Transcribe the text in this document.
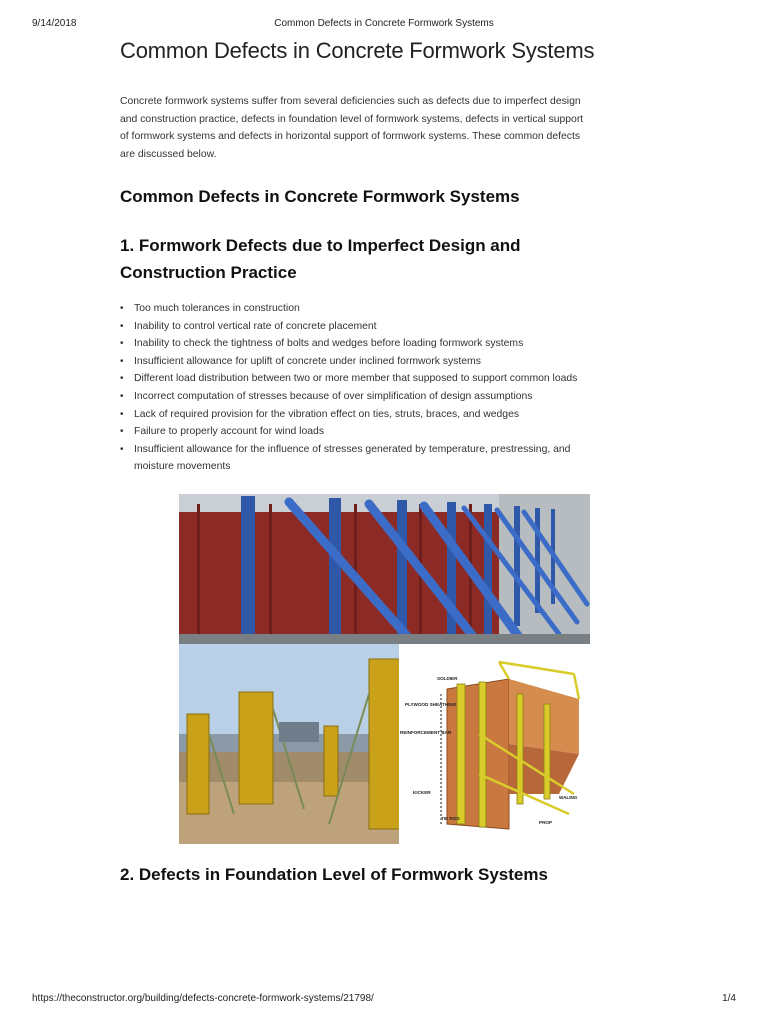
9/14/2018	Common Defects in Concrete Formwork Systems
Common Defects in Concrete Formwork Systems

Concrete formwork systems suffer from several deficiencies such as defects due to imperfect design
and construction practice, defects in foundation level of formwork systems, defects in vertical support
of formwork systems and defects in horizontal support of formwork systems. These common defects
are discussed below.

Common Defects in Concrete Formwork Systems
1. Formwork Defects due to Imperfect Design and
Construction Practice
• Too much tolerances in construction
• Inability to control vertical rate of concrete placement
• Inability to check the tightness of bolts and wedges before loading formwork systems
• Insufficient allowance for uplift of concrete under inclined formwork systems
• Different load distribution between two or more member that supposed to support common loads
• Incorrect computation of stresses because of over simplification of design assumptions
• Lack of required provision for the vibration effect on ties, struts, braces, and wedges
• Failure to properly account for wind loads
• Insufficient allowance for the influence of stresses generated by temperature, prestressing, and
moisture movements
SOLDIER
PLYWOOD SHEATHING
REINFORCEMENT BAR
KICKER
TIE ROD
WALING
PROP
2. Defects in Foundation Level of Formwork Systems
https://theconstructor.org/building/defects-concrete-formwork-systems/21798/	1/4
